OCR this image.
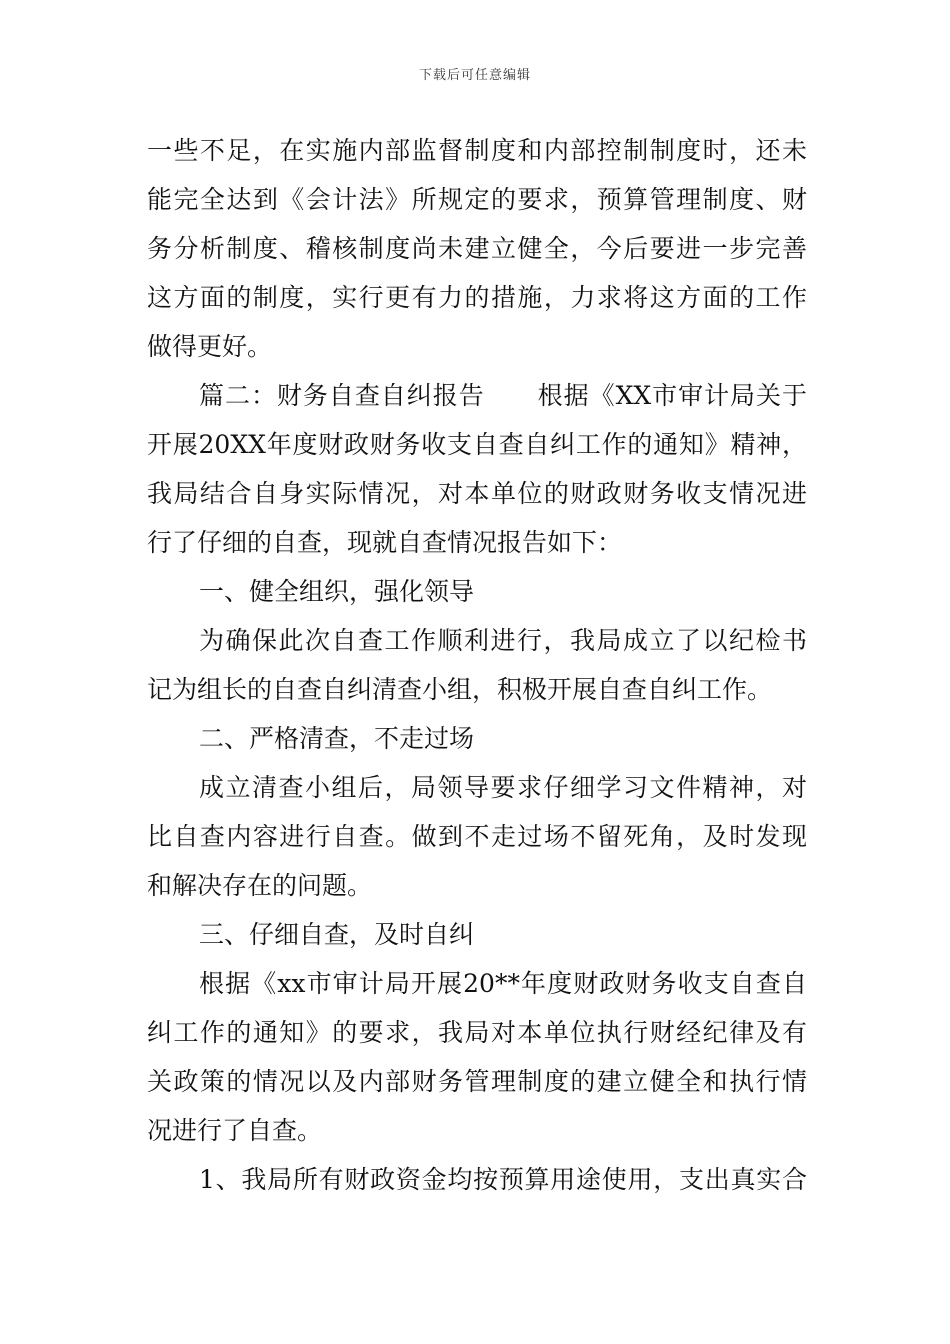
下载后可任意编辑
一些不足，在实施内部监督制度和内部控制制度时，还未
能完全达到《会计法》所规定的要求，预算管理制度、财
务分析制度、稽核制度尚未建立健全，今后要进一步完善
这方面的制度，实行更有力的措施，力求将这方面的工作
做得更好。
篇二：财务自查自纠报告 根据《XX市审计局关于
开展20XX年度财政财务收支自查自纠工作的通知》精神，
我局结合自身实际情况，对本单位的财政财务收支情况进
行了仔细的自查，现就自查情况报告如下：
一、健全组织，强化领导
为确保此次自查工作顺利进行，我局成立了以纪检书
记为组长的自查自纠清查小组，积极开展自查自纠工作。
二、严格清查，不走过场
成立清查小组后，局领导要求仔细学习文件精神，对
比自查内容进行自查。做到不走过场不留死角，及时发现
和解决存在的问题。
三、仔细自查，及时自纠
根据《xx市审计局开展20**年度财政财务收支自查自
纠工作的通知》的要求，我局对本单位执行财经纪律及有
关政策的情况以及内部财务管理制度的建立健全和执行情
况进行了自查。
1、我局所有财政资金均按预算用途使用，支出真实合
